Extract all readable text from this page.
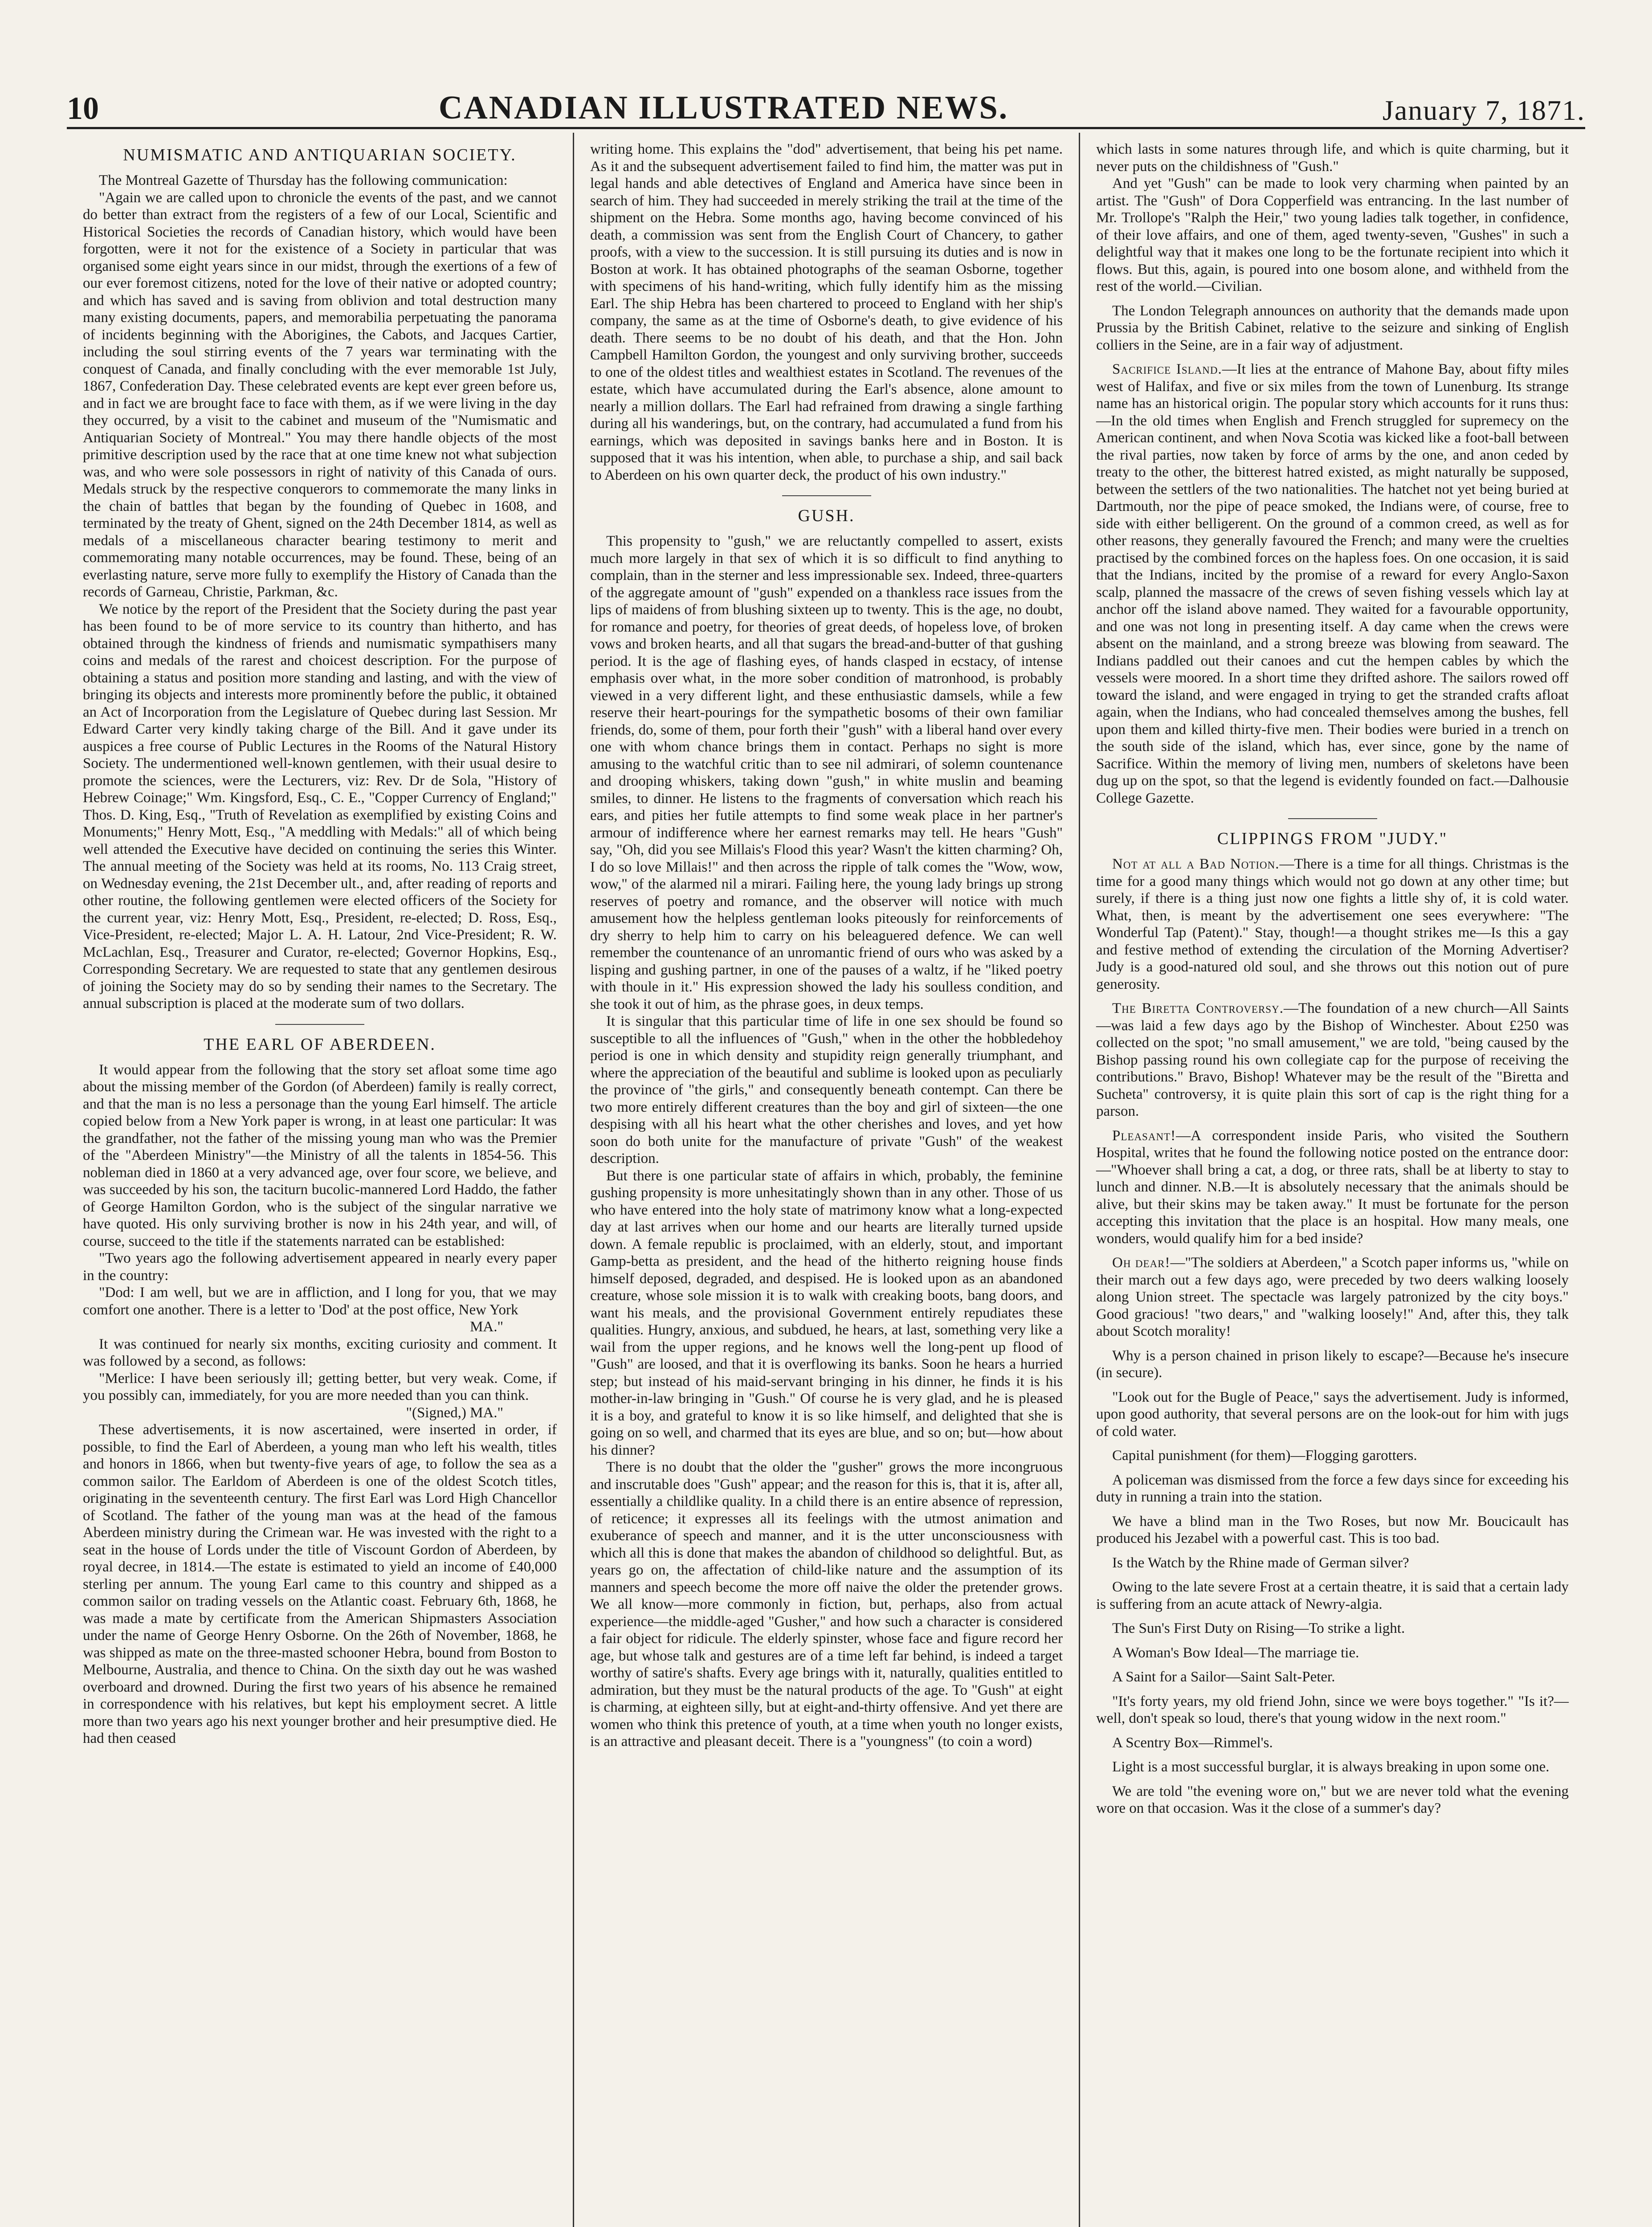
10	CANADIAN ILLUSTRATED NEWS.	January 7, 1871.
NUMISMATIC AND ANTIQUARIAN SOCIETY.

The Montreal Gazette of Thursday has the following communication:

"Again we are called upon to chronicle the events of the past, and we cannot do better than extract from the registers of a few of our Local, Scientific and Historical Societies the records of Canadian history, which would have been forgotten, were it not for the existence of a Society in particular that was organised some eight years since in our midst, through the exertions of a few of our ever foremost citizens, noted for the love of their native or adopted country; and which has saved and is saving from oblivion and total destruction many many existing documents, papers, and memorabilia perpetuating the panorama of incidents beginning with the Aborigines, the Cabots, and Jacques Cartier, including the soul stirring events of the 7 years war terminating with the conquest of Canada, and finally concluding with the ever memorable 1st July, 1867, Confederation Day. These celebrated events are kept ever green before us, and in fact we are brought face to face with them, as if we were living in the day they occurred, by a visit to the cabinet and museum of the "Numismatic and Antiquarian Society of Montreal." You may there handle objects of the most primitive description used by the race that at one time knew not what subjection was, and who were sole possessors in right of nativity of this Canada of ours. Medals struck by the respective conquerors to commemorate the many links in the chain of battles that began by the founding of Quebec in 1608, and terminated by the treaty of Ghent, signed on the 24th December 1814, as well as medals of a miscellaneous character bearing testimony to merit and commemorating many notable occurrences, may be found. These, being of an everlasting nature, serve more fully to exemplify the History of Canada than the records of Garneau, Christie, Parkman, &c.

We notice by the report of the President that the Society during the past year has been found to be of more service to its country than hitherto, and has obtained through the kindness of friends and numismatic sympathisers many coins and medals of the rarest and choicest description. For the purpose of obtaining a status and position more standing and lasting, and with the view of bringing its objects and interests more prominently before the public, it obtained an Act of Incorporation from the Legislature of Quebec during last Session. Mr Edward Carter very kindly taking charge of the Bill. And it gave under its auspices a free course of Public Lectures in the Rooms of the Natural History Society. The undermentioned well-known gentlemen, with their usual desire to promote the sciences, were the Lecturers, viz: Rev. Dr de Sola, "History of Hebrew Coinage;" Wm. Kingsford, Esq., C. E., "Copper Currency of England;" Thos. D. King, Esq., "Truth of Revelation as exemplified by existing Coins and Monuments;" Henry Mott, Esq., "A meddling with Medals:" all of which being well attended the Executive have decided on continuing the series this Winter. The annual meeting of the Society was held at its rooms, No. 113 Craig street, on Wednesday evening, the 21st December ult., and, after reading of reports and other routine, the following gentlemen were elected officers of the Society for the current year, viz: Henry Mott, Esq., President, re-elected; D. Ross, Esq., Vice-President, re-elected; Major L. A. H. Latour, 2nd Vice-President; R. W. McLachlan, Esq., Treasurer and Curator, re-elected; Governor Hopkins, Esq., Corresponding Secretary. We are requested to state that any gentlemen desirous of joining the Society may do so by sending their names to the Secretary. The annual subscription is placed at the moderate sum of two dollars.

THE EARL OF ABERDEEN.

It would appear from the following that the story set afloat some time ago about the missing member of the Gordon (of Aberdeen) family is really correct, and that the man is no less a personage than the young Earl himself. The article copied below from a New York paper is wrong, in at least one particular: It was the grandfather, not the father of the missing young man who was the Premier of the "Aberdeen Ministry"—the Ministry of all the talents in 1854-56. This nobleman died in 1860 at a very advanced age, over four score, we believe, and was succeeded by his son, the taciturn bucolic-mannered Lord Haddo, the father of George Hamilton Gordon, who is the subject of the singular narrative we have quoted. His only surviving brother is now in his 24th year, and will, of course, succeed to the title if the statements narrated can be established:

"Two years ago the following advertisement appeared in nearly every paper in the country:

"Dod: I am well, but we are in affliction, and I long for you, that we may comfort one another. There is a letter to 'Dod' at the post office, New York

MA."

It was continued for nearly six months, exciting curiosity and comment. It was followed by a second, as follows:

"Merlice: I have been seriously ill; getting better, but very weak. Come, if you possibly can, immediately, for you are more needed than you can think.

"(Signed,) MA."

These advertisements, it is now ascertained, were inserted in order, if possible, to find the Earl of Aberdeen, a young man who left his wealth, titles and honors in 1866, when but twenty-five years of age, to follow the sea as a common sailor. The Earldom of Aberdeen is one of the oldest Scotch titles, originating in the seventeenth century. The first Earl was Lord High Chancellor of Scotland. The father of the young man was at the head of the famous Aberdeen ministry during the Crimean war. He was invested with the right to a seat in the house of Lords under the title of Viscount Gordon of Aberdeen, by royal decree, in 1814.—The estate is estimated to yield an income of £40,000 sterling per annum. The young Earl came to this country and shipped as a common sailor on trading vessels on the Atlantic coast. February 6th, 1868, he was made a mate by certificate from the American Shipmasters Association under the name of George Henry Osborne. On the 26th of November, 1868, he was shipped as mate on the three-masted schooner Hebra, bound from Boston to Melbourne, Australia, and thence to China. On the sixth day out he was washed overboard and drowned. During the first two years of his absence he remained in correspondence with his relatives, but kept his employment secret. A little more than two years ago his next younger brother and heir presumptive died. He had then ceased

writing home. This explains the "dod" advertisement, that being his pet name. As it and the subsequent advertisement failed to find him, the matter was put in legal hands and able detectives of England and America have since been in search of him. They had succeeded in merely striking the trail at the time of the shipment on the Hebra. Some months ago, having become convinced of his death, a commission was sent from the English Court of Chancery, to gather proofs, with a view to the succession. It is still pursuing its duties and is now in Boston at work. It has obtained photographs of the seaman Osborne, together with specimens of his hand-writing, which fully identify him as the missing Earl. The ship Hebra has been chartered to proceed to England with her ship's company, the same as at the time of Osborne's death, to give evidence of his death. There seems to be no doubt of his death, and that the Hon. John Campbell Hamilton Gordon, the youngest and only surviving brother, succeeds to one of the oldest titles and wealthiest estates in Scotland. The revenues of the estate, which have accumulated during the Earl's absence, alone amount to nearly a million dollars. The Earl had refrained from drawing a single farthing during all his wanderings, but, on the contrary, had accumulated a fund from his earnings, which was deposited in savings banks here and in Boston. It is supposed that it was his intention, when able, to purchase a ship, and sail back to Aberdeen on his own quarter deck, the product of his own industry."

GUSH.

This propensity to "gush," we are reluctantly compelled to assert, exists much more largely in that sex of which it is so difficult to find anything to complain, than in the sterner and less impressionable sex. Indeed, three-quarters of the aggregate amount of "gush" expended on a thankless race issues from the lips of maidens of from blushing sixteen up to twenty. This is the age, no doubt, for romance and poetry, for theories of great deeds, of hopeless love, of broken vows and broken hearts, and all that sugars the bread-and-butter of that gushing period. It is the age of flashing eyes, of hands clasped in ecstacy, of intense emphasis over what, in the more sober condition of matronhood, is probably viewed in a very different light, and these enthusiastic damsels, while a few reserve their heart-pourings for the sympathetic bosoms of their own familiar friends, do, some of them, pour forth their "gush" with a liberal hand over every one with whom chance brings them in contact. Perhaps no sight is more amusing to the watchful critic than to see nil admirari, of solemn countenance and drooping whiskers, taking down "gush," in white muslin and beaming smiles, to dinner. He listens to the fragments of conversation which reach his ears, and pities her futile attempts to find some weak place in her partner's armour of indifference where her earnest remarks may tell. He hears "Gush" say, "Oh, did you see Millais's Flood this year? Wasn't the kitten charming? Oh, I do so love Millais!" and then across the ripple of talk comes the "Wow, wow, wow," of the alarmed nil a mirari. Failing here, the young lady brings up strong reserves of poetry and romance, and the observer will notice with much amusement how the helpless gentleman looks piteously for reinforcements of dry sherry to help him to carry on his beleaguered defence. We can well remember the countenance of an unromantic friend of ours who was asked by a lisping and gushing partner, in one of the pauses of a waltz, if he "liked poetry with thoule in it." His expression showed the lady his soulless condition, and she took it out of him, as the phrase goes, in deux temps.

It is singular that this particular time of life in one sex should be found so susceptible to all the influences of "Gush," when in the other the hobbledehoy period is one in which density and stupidity reign generally triumphant, and where the appreciation of the beautiful and sublime is looked upon as peculiarly the province of "the girls," and consequently beneath contempt. Can there be two more entirely different creatures than the boy and girl of sixteen—the one despising with all his heart what the other cherishes and loves, and yet how soon do both unite for the manufacture of private "Gush" of the weakest description.

But there is one particular state of affairs in which, probably, the feminine gushing propensity is more unhesitatingly shown than in any other. Those of us who have entered into the holy state of matrimony know what a long-expected day at last arrives when our home and our hearts are literally turned upside down. A female republic is proclaimed, with an elderly, stout, and important Gamp-betta as president, and the head of the hitherto reigning house finds himself deposed, degraded, and despised. He is looked upon as an abandoned creature, whose sole mission it is to walk with creaking boots, bang doors, and want his meals, and the provisional Government entirely repudiates these qualities. Hungry, anxious, and subdued, he hears, at last, something very like a wail from the upper regions, and he knows well the long-pent up flood of "Gush" are loosed, and that it is overflowing its banks. Soon he hears a hurried step; but instead of his maid-servant bringing in his dinner, he finds it is his mother-in-law bringing in "Gush." Of course he is very glad, and he is pleased it is a boy, and grateful to know it is so like himself, and delighted that she is going on so well, and charmed that its eyes are blue, and so on; but—how about his dinner?

There is no doubt that the older the "gusher" grows the more incongruous and inscrutable does "Gush" appear; and the reason for this is, that it is, after all, essentially a childlike quality. In a child there is an entire absence of repression, of reticence; it expresses all its feelings with the utmost animation and exuberance of speech and manner, and it is the utter unconsciousness with which all this is done that makes the abandon of childhood so delightful. But, as years go on, the affectation of child-like nature and the assumption of its manners and speech become the more off naive the older the pretender grows. We all know—more commonly in fiction, but, perhaps, also from actual experience—the middle-aged "Gusher," and how such a character is considered a fair object for ridicule. The elderly spinster, whose face and figure record her age, but whose talk and gestures are of a time left far behind, is indeed a target worthy of satire's shafts. Every age brings with it, naturally, qualities entitled to admiration, but they must be the natural products of the age. To "Gush" at eight is charming, at eighteen silly, but at eight-and-thirty offensive. And yet there are women who think this pretence of youth, at a time when youth no longer exists, is an attractive and pleasant deceit. There is a "youngness" (to coin a word)

which lasts in some natures through life, and which is quite charming, but it never puts on the childishness of "Gush."

And yet "Gush" can be made to look very charming when painted by an artist. The "Gush" of Dora Copperfield was entrancing. In the last number of Mr. Trollope's "Ralph the Heir," two young ladies talk together, in confidence, of their love affairs, and one of them, aged twenty-seven, "Gushes" in such a delightful way that it makes one long to be the fortunate recipient into which it flows. But this, again, is poured into one bosom alone, and withheld from the rest of the world.—Civilian.

The London Telegraph announces on authority that the demands made upon Prussia by the British Cabinet, relative to the seizure and sinking of English colliers in the Seine, are in a fair way of adjustment.

Sacrifice Island.—It lies at the entrance of Mahone Bay, about fifty miles west of Halifax, and five or six miles from the town of Lunenburg. Its strange name has an historical origin. The popular story which accounts for it runs thus:—In the old times when English and French struggled for supremecy on the American continent, and when Nova Scotia was kicked like a foot-ball between the rival parties, now taken by force of arms by the one, and anon ceded by treaty to the other, the bitterest hatred existed, as might naturally be supposed, between the settlers of the two nationalities. The hatchet not yet being buried at Dartmouth, nor the pipe of peace smoked, the Indians were, of course, free to side with either belligerent. On the ground of a common creed, as well as for other reasons, they generally favoured the French; and many were the cruelties practised by the combined forces on the hapless foes. On one occasion, it is said that the Indians, incited by the promise of a reward for every Anglo-Saxon scalp, planned the massacre of the crews of seven fishing vessels which lay at anchor off the island above named. They waited for a favourable opportunity, and one was not long in presenting itself. A day came when the crews were absent on the mainland, and a strong breeze was blowing from seaward. The Indians paddled out their canoes and cut the hempen cables by which the vessels were moored. In a short time they drifted ashore. The sailors rowed off toward the island, and were engaged in trying to get the stranded crafts afloat again, when the Indians, who had concealed themselves among the bushes, fell upon them and killed thirty-five men. Their bodies were buried in a trench on the south side of the island, which has, ever since, gone by the name of Sacrifice. Within the memory of living men, numbers of skeletons have been dug up on the spot, so that the legend is evidently founded on fact.—Dalhousie College Gazette.

CLIPPINGS FROM "JUDY."

Not at all a Bad Notion.—There is a time for all things. Christmas is the time for a good many things which would not go down at any other time; but surely, if there is a thing just now one fights a little shy of, it is cold water. What, then, is meant by the advertisement one sees everywhere: "The Wonderful Tap (Patent)." Stay, though!—a thought strikes me—Is this a gay and festive method of extending the circulation of the Morning Advertiser? Judy is a good-natured old soul, and she throws out this notion out of pure generosity.

The Biretta Controversy.—The foundation of a new church—All Saints—was laid a few days ago by the Bishop of Winchester. About £250 was collected on the spot; "no small amusement," we are told, "being caused by the Bishop passing round his own collegiate cap for the purpose of receiving the contributions." Bravo, Bishop! Whatever may be the result of the "Biretta and Sucheta" controversy, it is quite plain this sort of cap is the right thing for a parson.

Pleasant!—A correspondent inside Paris, who visited the Southern Hospital, writes that he found the following notice posted on the entrance door:—"Whoever shall bring a cat, a dog, or three rats, shall be at liberty to stay to lunch and dinner. N.B.—It is absolutely necessary that the animals should be alive, but their skins may be taken away." It must be fortunate for the person accepting this invitation that the place is an hospital. How many meals, one wonders, would qualify him for a bed inside?

Oh dear!—"The soldiers at Aberdeen," a Scotch paper informs us, "while on their march out a few days ago, were preceded by two deers walking loosely along Union street. The spectacle was largely patronized by the city boys." Good gracious! "two dears," and "walking loosely!" And, after this, they talk about Scotch morality!

Why is a person chained in prison likely to escape?—Because he's insecure (in secure).

"Look out for the Bugle of Peace," says the advertisement. Judy is informed, upon good authority, that several persons are on the look-out for him with jugs of cold water.

Capital punishment (for them)—Flogging garotters.

A policeman was dismissed from the force a few days since for exceeding his duty in running a train into the station.

We have a blind man in the Two Roses, but now Mr. Boucicault has produced his Jezabel with a powerful cast. This is too bad.

Is the Watch by the Rhine made of German silver?

Owing to the late severe Frost at a certain theatre, it is said that a certain lady is suffering from an acute attack of Newry-algia.

The Sun's First Duty on Rising—To strike a light.

A Woman's Bow Ideal—The marriage tie.

A Saint for a Sailor—Saint Salt-Peter.

"It's forty years, my old friend John, since we were boys together." "Is it?—well, don't speak so loud, there's that young widow in the next room."

A Scentry Box—Rimmel's.

Light is a most successful burglar, it is always breaking in upon some one.

We are told "the evening wore on," but we are never told what the evening wore on that occasion. Was it the close of a summer's day?
